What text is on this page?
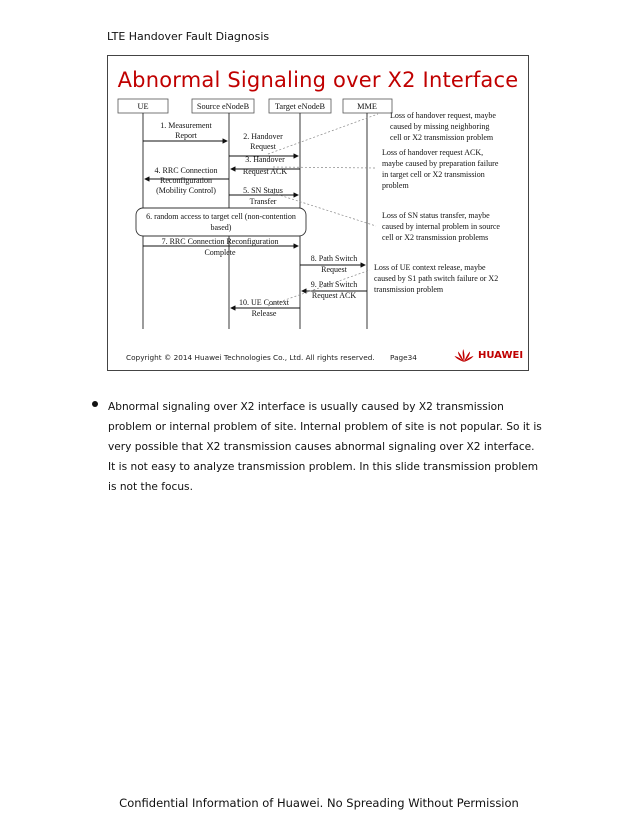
LTE Handover Fault Diagnosis
Abnormal Signaling over X2 Interface
UE	Source eNodeB	Target eNodeB	MME
1. Measurement
Report	2. Handover
Request
3. Handover
Request ACK
4. RRC Connection
Reconfiguration
(Mobility Control)	5. SN Status
Transfer
6. random access to target cell (non-contention
based)
7. RRC Connection Reconfiguration
Complete
8. Path Switch
Request
9. Path Switch
Request ACK
10. UE Context
Release
Loss of handover request, maybe
caused by missing neighboring
cell or X2 transmission problem
Loss of handover request ACK,
maybe caused by preparation failure
in target cell or X2 transmission
problem
Loss of SN status transfer, maybe
caused by internal problem in source
cell or X2 transmission problems
Loss of UE context release, maybe
caused by S1 path switch failure or X2
transmission problem
Copyright © 2014 Huawei Technologies Co., Ltd. All rights reserved. Page34	HUAWEI
Abnormal signaling over X2 interface is usually caused by X2 transmission problem or internal problem of site. Internal problem of site is not popular. So it is very possible that X2 transmission causes abnormal signaling over X2 interface. It is not easy to analyze transmission problem. In this slide transmission problem is not the focus.
Confidential Information of Huawei. No Spreading Without Permission
